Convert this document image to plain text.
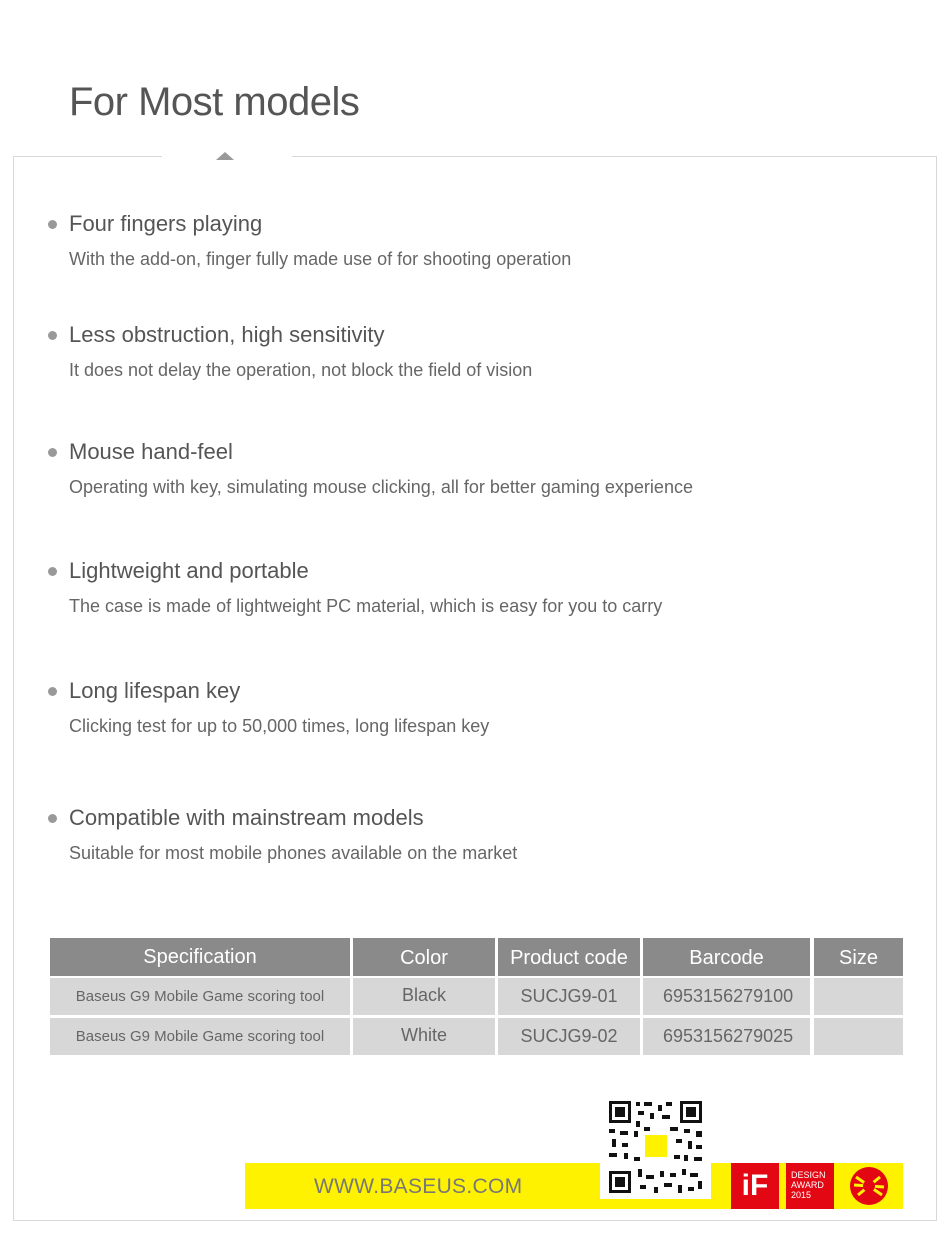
For Most models
Four fingers playing
With the add-on, finger fully made use of for shooting operation
Less obstruction, high sensitivity
It does not delay the operation, not block the field of vision
Mouse hand-feel
Operating with key, simulating mouse clicking, all for better gaming experience
Lightweight and portable
The case is made of lightweight PC material, which is easy for you to carry
Long lifespan key
Clicking test for up to 50,000 times, long lifespan key
Compatible with mainstream models
Suitable for most mobile phones available on the market
Specification	Color	Product code	Barcode	Size
Baseus G9 Mobile Game scoring tool	Black	SUCJG9-01	6953156279100
Baseus G9 Mobile Game scoring tool	White	SUCJG9-02	6953156279025
WWW.BASEUS.COM	iF	DESIGN
AWARD
2015
